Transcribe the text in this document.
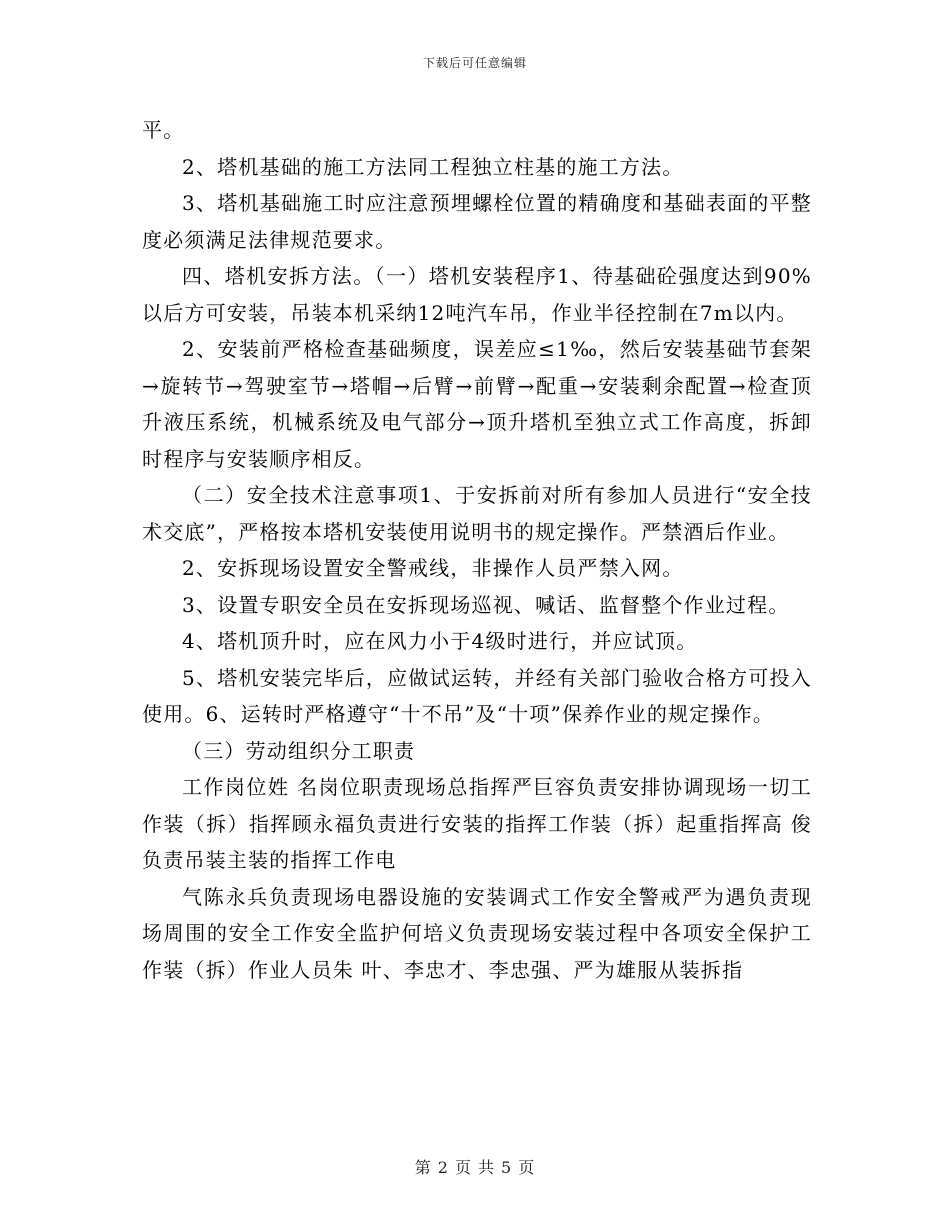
下载后可任意编辑

平。

2、塔机基础的施工方法同工程独立柱基的施工方法。

3、塔机基础施工时应注意预埋螺栓位置的精确度和基础表面的平整度必须满足法律规范要求。

四、塔机安拆方法。（一）塔机安装程序1、待基础砼强度达到90%以后方可安装，吊装本机采纳12吨汽车吊，作业半径控制在7m以内。

2、安装前严格检查基础频度，误差应≤1‰，然后安装基础节套架→旋转节→驾驶室节→塔帽→后臂→前臂→配重→安装剩余配置→检查顶升液压系统，机械系统及电气部分→顶升塔机至独立式工作高度，拆卸时程序与安装顺序相反。

（二）安全技术注意事项1、于安拆前对所有参加人员进行“安全技术交底”，严格按本塔机安装使用说明书的规定操作。严禁酒后作业。

2、安拆现场设置安全警戒线，非操作人员严禁入网。

3、设置专职安全员在安拆现场巡视、喊话、监督整个作业过程。

4、塔机顶升时，应在风力小于4级时进行，并应试顶。

5、塔机安装完毕后，应做试运转，并经有关部门验收合格方可投入使用。6、运转时严格遵守“十不吊”及“十项”保养作业的规定操作。

（三）劳动组织分工职责

工作岗位姓 名岗位职责现场总指挥严巨容负责安排协调现场一切工作装（拆）指挥顾永福负责进行安装的指挥工作装（拆）起重指挥高 俊负责吊装主装的指挥工作电

气陈永兵负责现场电器设施的安装调式工作安全警戒严为遇负责现场周围的安全工作安全监护何培义负责现场安装过程中各项安全保护工作装（拆）作业人员朱 叶、李忠才、李忠强、严为雄服从装拆指

第 2 页 共 5 页
